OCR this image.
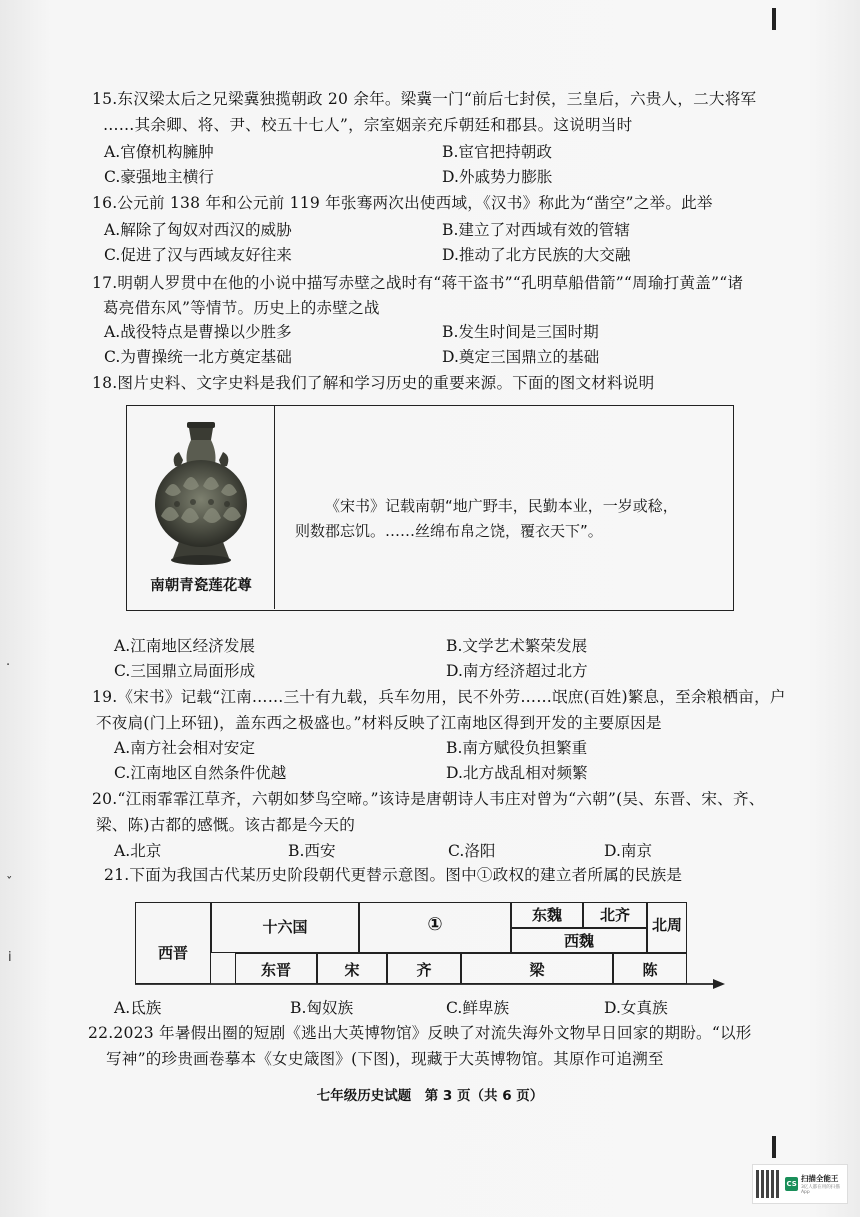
·
ˇ
i
15.东汉梁太后之兄梁冀独揽朝政 20 余年。梁冀一门“前后七封侯，三皇后，六贵人，二大将军
……其余卿、将、尹、校五十七人”，宗室姻亲充斥朝廷和郡县。这说明当时
A.官僚机构臃肿	B.宦官把持朝政
C.豪强地主横行	D.外戚势力膨胀
16.公元前 138 年和公元前 119 年张骞两次出使西域，《汉书》称此为“凿空”之举。此举
A.解除了匈奴对西汉的威胁	B.建立了对西域有效的管辖
C.促进了汉与西域友好往来	D.推动了北方民族的大交融
17.明朝人罗贯中在他的小说中描写赤壁之战时有“蒋干盗书”“孔明草船借箭”“周瑜打黄盖”“诸
葛亮借东风”等情节。历史上的赤壁之战
A.战役特点是曹操以少胜多	B.发生时间是三国时期
C.为曹操统一北方奠定基础	D.奠定三国鼎立的基础
18.图片史料、文字史料是我们了解和学习历史的重要来源。下面的图文材料说明
南朝青瓷莲花尊
《宋书》记载南朝“地广野丰，民勤本业，一岁或稔，
则数郡忘饥。……丝绵布帛之饶，覆衣天下”。
A.江南地区经济发展	B.文学艺术繁荣发展
C.三国鼎立局面形成	D.南方经济超过北方
19.《宋书》记载“江南……三十有九载，兵车勿用，民不外劳……氓庶(百姓)繁息，至余粮栖亩，户
不夜扃(门上环钮)，盖东西之极盛也。”材料反映了江南地区得到开发的主要原因是
A.南方社会相对安定	B.南方赋役负担繁重
C.江南地区自然条件优越	D.北方战乱相对频繁
20.“江雨霏霏江草齐，六朝如梦鸟空啼。”该诗是唐朝诗人韦庄对曾为“六朝”(吴、东晋、宋、齐、
梁、陈)古都的感慨。该古都是今天的
A.北京	B.西安	C.洛阳	D.南京
21.下面为我国古代某历史阶段朝代更替示意图。图中①政权的建立者所属的民族是
西晋
十六国	①	东魏	北齐
西魏
北周
东晋	宋	齐	梁	陈
A.氐族	B.匈奴族	C.鲜卑族	D.女真族
22.2023 年暑假出圈的短剧《逃出大英博物馆》反映了对流失海外文物早日回家的期盼。“以形
写神”的珍贵画卷摹本《女史箴图》(下图)，现藏于大英博物馆。其原作可追溯至
七年级历史试题　第 3 页（共 6 页）
CS
扫描全能王
3亿人都在用的扫描App
